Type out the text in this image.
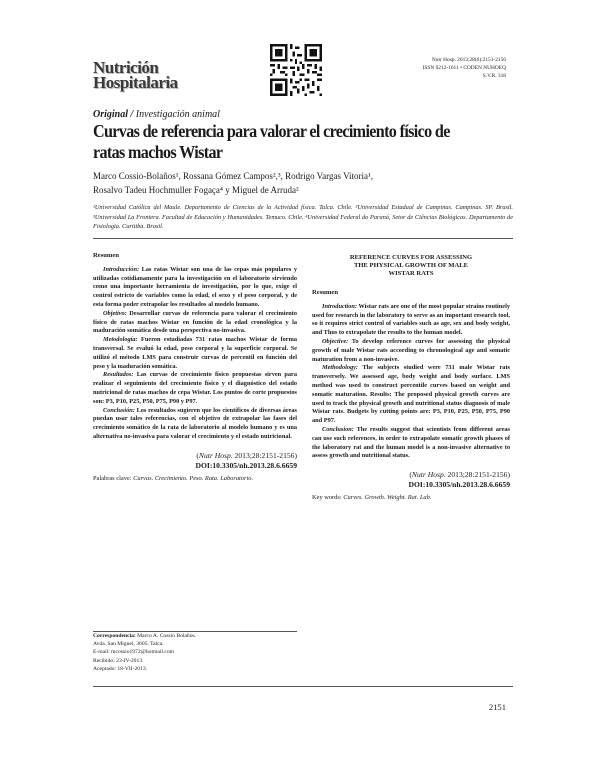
Nutrición
Hospitalaria
Nutr Hosp. 2013;28(6):2151-2156
ISSN 0212-1611 • CODEN NUHOEQ
S.V.R. 318
Original / Investigación animal
Curvas de referencia para valorar el crecimiento físico de ratas machos Wistar
Marco Cossio-Bolaños¹, Rossana Gómez Campos²,³, Rodrigo Vargas Vitoria¹,
Rosalvo Tadeu Hochmuller Fogaça⁴ y Miguel de Arruda²
¹Universidad Católica del Maule. Departamento de Ciencias de la Actividad física. Talca. Chile. ²Universidad Estadual de Campinas. Campinas. SP. Brasil. ³Universidad La Frontera. Facultad de Educación y Humanidades. Temuco. Chile. ⁴Universidad Federal do Paraná, Setor de Ciências Biológicas. Departamento de Fisiologia. Curitiba. Brasil.

Resumen

Introducción: Las ratas Wistar son una de las cepas más populares y utilizadas cotidianamente para la investigación en el laboratorio sirviendo como una importante herramienta de investigación, por lo que, exige el control estricto de variables como la edad, el sexo y el peso corporal, y de esta forma poder extrapolar los resultados al modelo humano.

Objetivo: Desarrollar curvas de referencia para valorar el crecimiento físico de ratas machos Wistar en función de la edad cronológica y la maduración somática desde una perspectiva no-invasiva.

Metodología: Fueron estudiadas 731 ratas machos Wistar de forma transversal. Se evaluó la edad, peso corporal y la superficie corporal. Se utilizó el método LMS para construir curvas de percentil en función del peso y la maduración somática.

Resultados: Las curvas de crecimiento físico propuestas sirven para realizar el seguimiento del crecimiento físico y el diagnóstico del estado nutricional de ratas machos de cepa Wistar. Los puntos de corte propuestos son: P3, P10, P25, P50, P75, P90 y P97.

Conclusión: Los resultados sugieren que los científicos de diversas áreas puedan usar tales referencias, con el objetivo de extrapolar las fases del crecimiento somático de la rata de laboratorio al modelo humano y es una alternativa no-invasiva para valorar el crecimiento y el estado nutricional.

(Nutr Hosp. 2013;28:2151-2156)
DOI:10.3305/nh.2013.28.6.6659
Palabras clave: Curvas. Crecimiento. Peso. Rata. Laboratorio.
REFERENCE CURVES FOR ASSESSING
THE PHYSICAL GROWTH OF MALE
WISTAR RATS

Resumen

Introduction: Wistar rats are one of the most popular strains routinely used for research in the laboratory to serve as an important research tool, so it requires strict control of variables such as age, sex and body weight, and Thus to extrapolate the results to the human model.

Objective: To develop reference curves for assessing the physical growth of male Wistar rats according to chronological age and somatic maturation from a non-invasive.

Methodology: The subjects studied were 731 male Wistar rats transversely. We assessed age, body weight and body surface. LMS method was used to construct percentile curves based on weight and somatic maturation. Results: The proposed physical growth curves are used to track the physical growth and nutritional status diagnosis of male Wistar rats. Budgets by cutting points are: P3, P10, P25, P50, P75, P90 and P97.

Conclusion: The results suggest that scientists from different areas can use such references, in order to extrapolate somatic growth phases of the laboratory rat and the human model is a non-invasive alternative to assess growth and nutritional status.

(Nutr Hosp. 2013;28:2151-2156)
DOI:10.3305/nh.2013.28.6.6659
Key words: Curves. Growth. Weight. Rat. Lab.
Correspondencia: Marco A. Cossio Bolaños.
Avda. San Miguel, 3605. Talca.
E-mail: mcossio1972@hotmail.com
Recibido: 23-IV-2013.
Aceptado: 18-VII-2013.
2151
